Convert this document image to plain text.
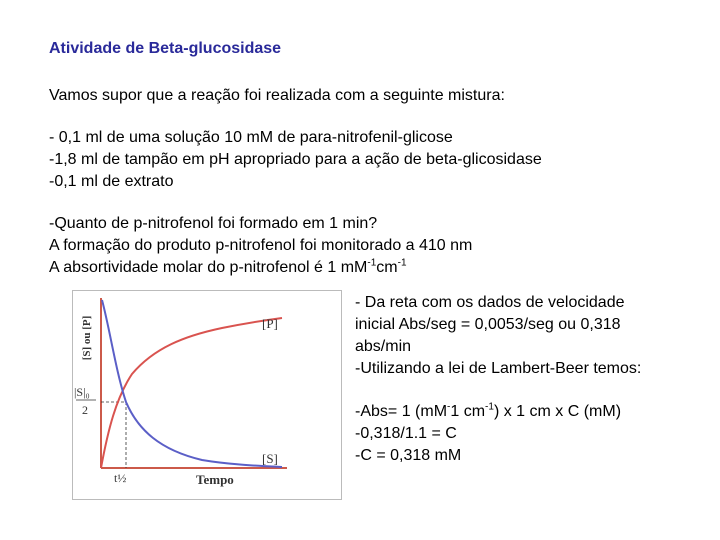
Atividade de Beta-glucosidase
Vamos supor que a reação foi realizada com a seguinte mistura:
- 0,1 ml de uma solução 10 mM de para-nitrofenil-glicose
-1,8 ml de tampão em pH apropriado para a ação de beta-glicosidase
-0,1 ml de extrato
-Quanto de p-nitrofenol foi formado em 1 min?
A formação do produto p-nitrofenol foi monitorado a 410 nm
A absortividade molar do p-nitrofenol é 1 $mM^{-1}cm^{-1}$
[S] ou [P]	[P]
[S]
|S|₀
2
t½	Tempo
- Da reta com os dados de velocidade
inicial Abs/seg = 0,0053/seg ou 0,318
abs/min
-Utilizando a lei de Lambert-Beer temos:
-Abs= 1 (mM-1 $cm^{-1}$) x 1 cm x C (mM)
-0,318/1.1 = C
-C = 0,318 mM
